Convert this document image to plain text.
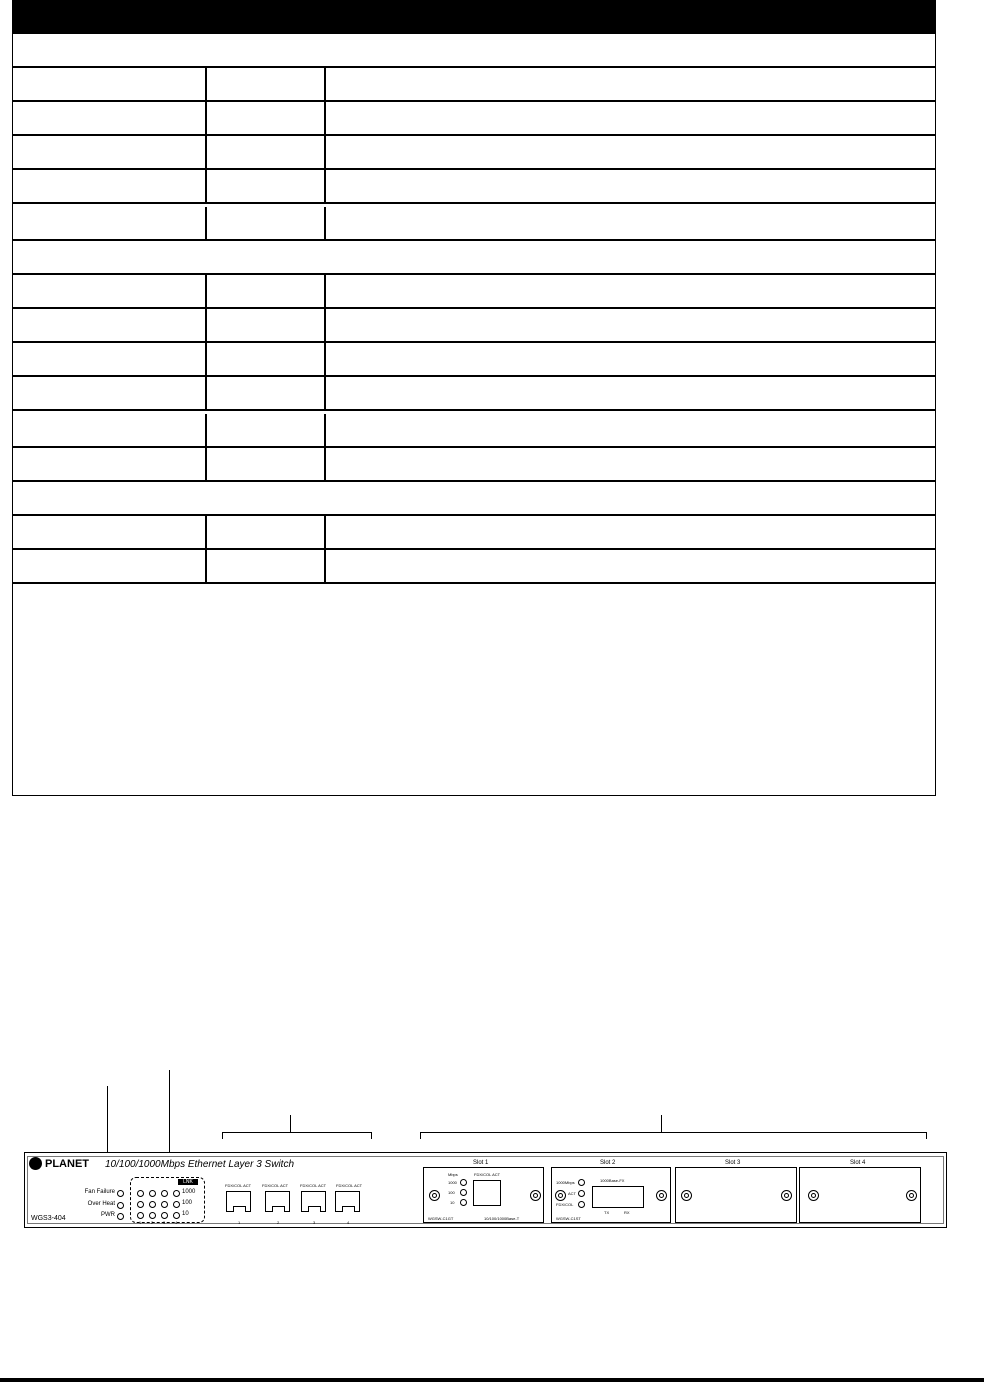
PLANET 10/100/1000Mbps Ethernet Layer 3 Switch
WGS3-404
Fan Failure
Over Heat
PWR
LNK
1000
100
10
1 2 3 4
FDX/COL ACT
1
FDX/COL ACT
2
FDX/COL ACT
3
FDX/COL ACT
4
Slot 1
Mbps
1000
100
10
FDX/COL ACT
WGSW-C1GT	10/100/1000Base-T
Slot 2
1000Mbps
ACT
FDX/COL
1000Base-FX
TX	RX
WGSW-C1ST
Slot 3	Slot 4
